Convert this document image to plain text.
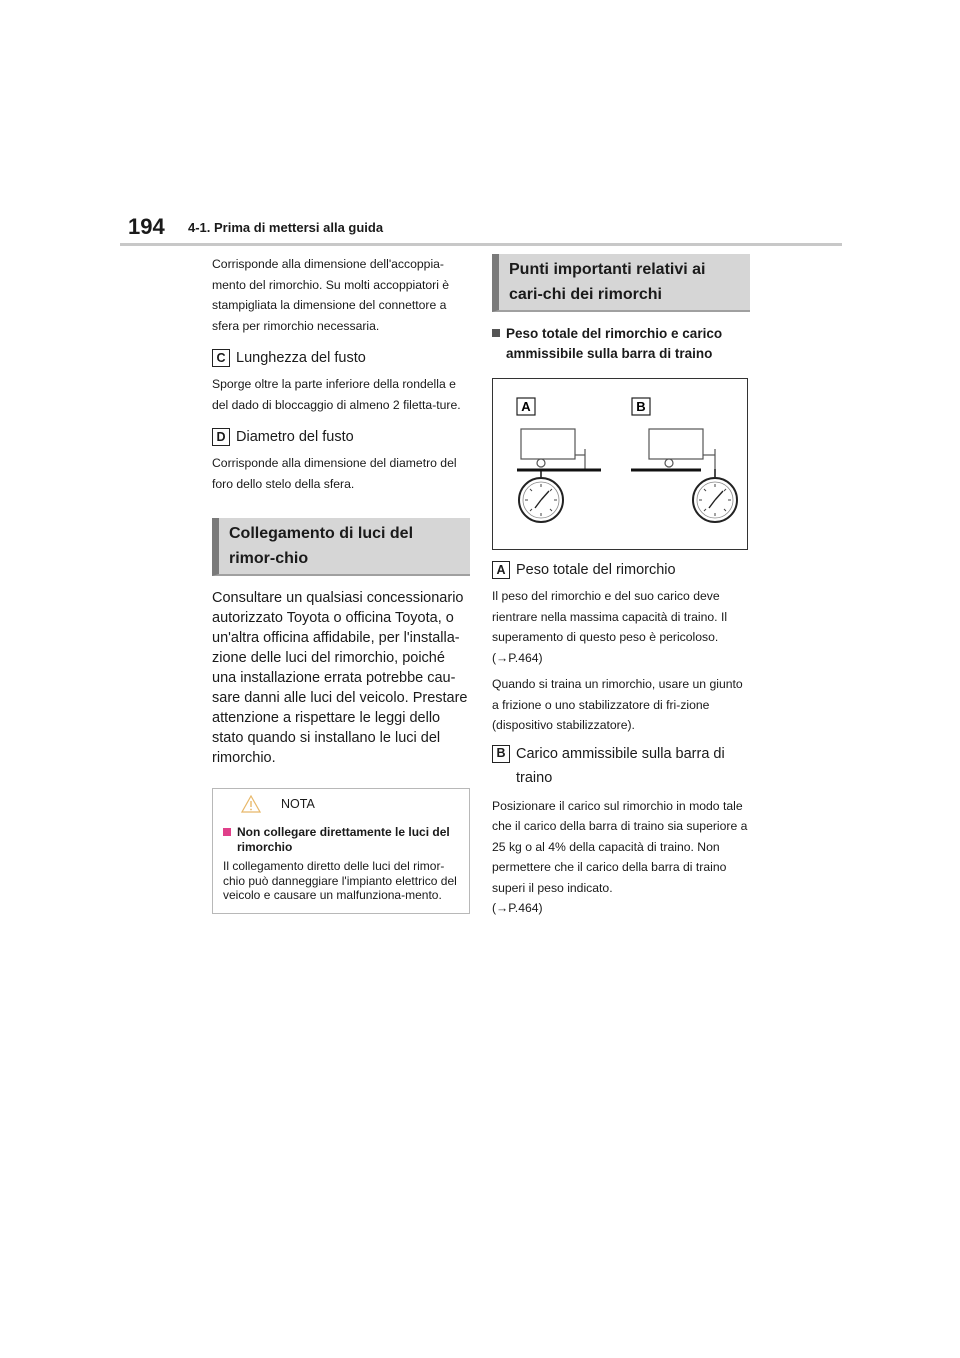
194 4-1. Prima di mettersi alla guida

Corrisponde alla dimensione dell'accoppia-mento del rimorchio. Su molti accoppiatori è stampigliata la dimensione del connettore a sfera per rimorchio necessaria.

C Lunghezza del fusto

Sporge oltre la parte inferiore della rondella e del dado di bloccaggio di almeno 2 filetta-ture.

D Diametro del fusto

Corrisponde alla dimensione del diametro del foro dello stelo della sfera.

Collegamento di luci del rimor-chio

Consultare un qualsiasi concessionario autorizzato Toyota o officina Toyota, o un'altra officina affidabile, per l'installa-zione delle luci del rimorchio, poiché una installazione errata potrebbe cau-sare danni alle luci del veicolo. Prestare attenzione a rispettare le leggi dello stato quando si installano le luci del rimorchio.

NOTA

Non collegare direttamente le luci del rimorchio

Il collegamento diretto delle luci del rimor-chio può danneggiare l'impianto elettrico del veicolo e causare un malfunziona-mento.

Punti importanti relativi ai cari-chi dei rimorchi

Peso totale del rimorchio e carico ammissibile sulla barra di traino

A	B

A Peso totale del rimorchio

Il peso del rimorchio e del suo carico deve rientrare nella massima capacità di traino. Il superamento di questo peso è pericoloso.

(→P.464)

Quando si traina un rimorchio, usare un giunto a frizione o uno stabilizzatore di fri-zione (dispositivo stabilizzatore).

B Carico ammissibile sulla barra di traino

Posizionare il carico sul rimorchio in modo tale che il carico della barra di traino sia superiore a 25 kg o al 4% della capacità di traino. Non permettere che il carico della barra di traino superi il peso indicato.

(→P.464)
